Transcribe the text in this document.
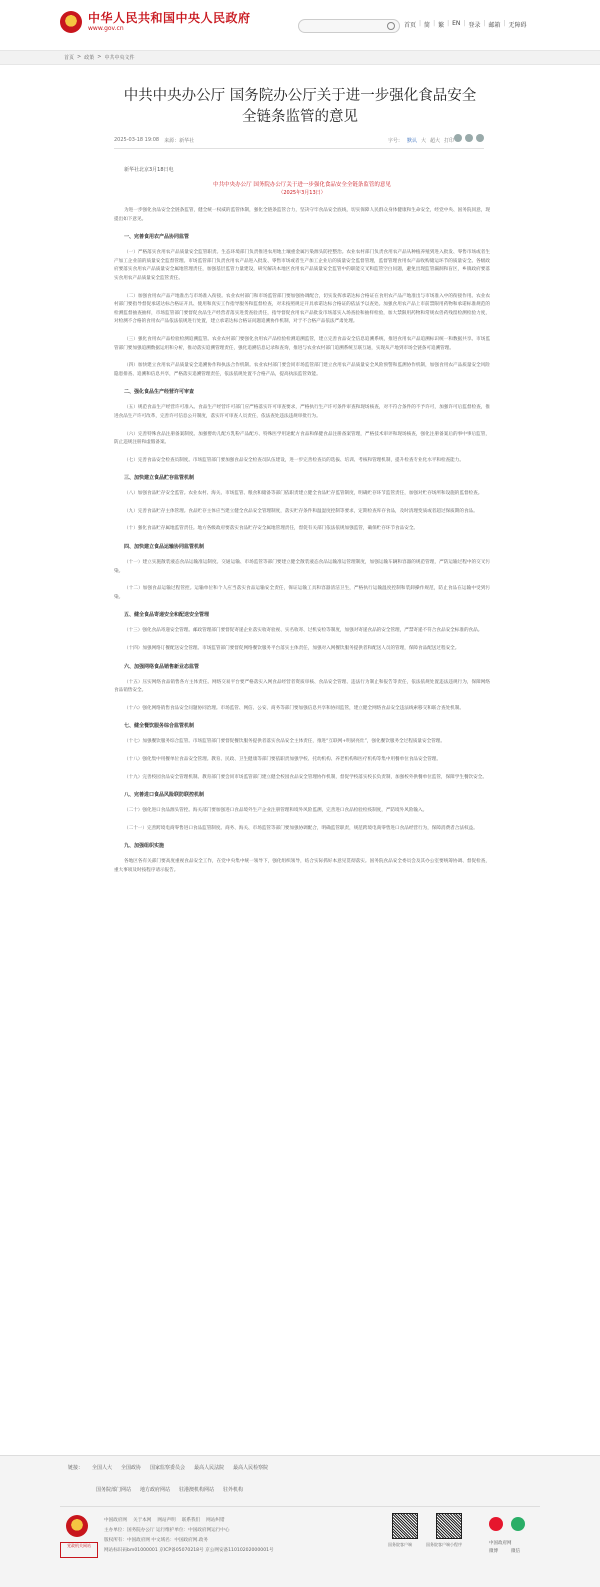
中华人民共和国中央人民政府
www.gov.cn	首页 | 简 | 繁 | EN | 登录 | 邮箱 | 无障碍
首页 > 政策 > 中共中央文件
中共中央办公厅 国务院办公厅关于进一步强化食品安全
全链条监管的意见
2025-03-18 19:08 来源：新华社	字号： 默认 大 超大 打印
新华社北京3月18日电
中共中央办公厅 国务院办公厅关于进一步强化食品安全全链条监管的意见
（2025年3月13日）

为进一步强化食品安全全链条监管，健全统一权威的监管体制，强化全链条监管合力，坚决守牢食品安全底线，切实保障人民群众身体健康和生命安全，经党中央、国务院同意，现提出如下意见。

一、完善食用农产品协同监管

（一）严格落实食用农产品质量安全监管职责。生态环境部门负责推进农用地土壤重金属污染源头防控整治。农业农村部门负责食用农产品从种植养殖到进入批发、零售市场或者生产加工企业前的质量安全监督管理。市场监管部门负责食用农产品进入批发、零售市场或者生产加工企业后的质量安全监督管理，监督管理食用农产品收购储运环节的质量安全。各级政府要落实食用农产品质量安全属地管理责任，加强基层监管力量建设，研究解决本地区食用农产品质量安全监管中的职能交叉和监管空白问题，避免出现监管漏洞和盲区，乡镇政府要落实食用农产品质量安全监管责任。

（二）加强食用农产品产地准出与市场准入衔接。农业农村部门和市场监管部门要加强协调配合，切实发挥承诺达标合格证在食用农产品产地准出与市场准入中的衔接作用。农业农村部门要指导督促承诺达标合格证开具、使用和真实工作指导服务和监督检查，对未按照规定开具承诺达标合格证的依法予以查处。加强食用农产品上市前禁限用药物和承诺标准规范的检测监督抽查抽样，市场监管部门要督促食品生产经营者落实进货查验责任，指导督促食用农产品批发市场落实入场查验和抽样检验，加大禁限用药物和常规农兽药残留检测检验力度，对检测不合格的食用农产品依法依规进行处置，建立承诺达标合格证问题追溯协作机制，对于不合格产品依法严肃处理。

（三）强化食用农产品检验检测追溯监管。农业农村部门要强化食用农产品检验检测追溯监管，建立完善食品安全信息追溯系统，推进食用农产品追溯标识统一和数据共享。市场监管部门要加强追溯数据运用和分析，推动落实追溯管理责任，强化追溯信息记录和查询，推进与农业农村部门追溯系统互联互通，实现从产地到市场全链条可追溯管理。

（四）加快建立食用农产品质量安全追溯协作和执法合作机制。农业农村部门要会同市场监管部门建立食用农产品质量安全风险预警和监测协作机制，加强食用农产品质量安全风险隐患排查、追溯和信息共享，严格落实追溯管理责任，依法依规处置不合格产品，提高执法监管效能。

二、强化食品生产经营许可审查

（五）规范食品生产经营许可准入。食品生产经营许可部门应严格落实许可审查要求，严格执行生产许可条件审查和现场核查，对不符合条件的不予许可，加强许可后监督检查，推进食品生产许可改革，完善许可信息公开制度，落实许可审查人员责任，依法查处违法违规审批行为。

（六）完善特殊食品注册备案制度。加强婴幼儿配方乳粉产品配方、特殊医学用途配方食品和保健食品注册备案管理，严格技术审评和现场核查，强化注册备案后的事中事后监管，防止违规注册和虚假备案。

（七）完善食品安全检查员制度。市场监管部门要加强食品安全检查员队伍建设，进一步完善检查员的选拔、培训、考核和管理机制，提升检查专业化水平和检查能力。

三、加快建立食品贮存监管机制

（八）加强食品贮存安全监管。农业农村、海关、市场监管、粮食和储备等部门依职责建立健全食品贮存监管制度，明确贮存环节监管责任，加强对贮存场所和设施的监督检查。

（九）完善食品贮存主体管理。食品贮存主体应当建立健全食品安全管理制度，落实贮存条件和温湿度控制等要求，定期检查库存食品，及时清理变质或者超过保质期的食品。

（十）强化食品贮存属地监管责任。地方各级政府要落实食品贮存安全属地管理责任，督促有关部门依法依规加强监管，确保贮存环节食品安全。

四、加快建立食品运输协同监管机制

（十一）建立实施散装液态食品运输准运制度。交通运输、市场监管等部门要建立健全散装液态食品运输准运管理制度，加强运输车辆和容器的规范管理，严防运输过程中的交叉污染。

（十二）加强食品运输过程管控。运输单位和个人应当落实食品运输安全责任，保证运输工具和容器清洁卫生，严格执行运输温度控制和装卸操作规范，防止食品在运输中受到污染。

五、健全食品寄递安全和配送安全管理

（十三）强化食品寄递安全管理。邮政管理部门要督促寄递企业落实收寄验视、实名收寄、过机安检等制度，加强对寄递食品的安全管理，严禁寄递不符合食品安全标准的食品。

（十四）加强网络订餐配送安全管理。市场监管部门要督促网络餐饮服务平台落实主体责任，加强对入网餐饮服务提供者和配送人员的管理，保障食品配送过程安全。

六、加强网络食品销售新业态监管

（十五）压实网络食品销售各方主体责任。网络交易平台要严格落实入网食品经营者资质审核、食品安全管理、违法行为制止和报告等责任，依法依规处置违法违规行为，保障网络食品销售安全。

（十六）强化网络销售食品安全问题协同治理。市场监管、网信、公安、商务等部门要加强信息共享和协同监管，建立健全网络食品安全违法线索移交和联合查处机制。

七、健全餐饮服务综合监管机制

（十七）加强餐饮服务综合监管。市场监管部门要督促餐饮服务提供者落实食品安全主体责任，推进“互联网+明厨亮灶”，强化餐饮服务全过程质量安全管理。

（十八）强化集中用餐单位食品安全管理。教育、民政、卫生健康等部门要依职责加强学校、托幼机构、养老机构和医疗机构等集中用餐单位食品安全管理。

（十九）完善校园食品安全管理机制。教育部门要会同市场监管部门建立健全校园食品安全管理协作机制，督促学校落实校长负责制，加强校外供餐单位监管，保障学生餐饮安全。

八、完善进口食品风险联防联控机制

（二十）强化进口食品源头管控。海关部门要加强进口食品境外生产企业注册管理和境外风险监测，完善进口食品检验检疫制度，严防境外风险输入。

（二十一）完善跨境电商零售进口食品监管制度。商务、海关、市场监管等部门要加强协调配合，明确监管职责，规范跨境电商零售进口食品经营行为，保障消费者合法权益。

九、加强组织实施

各地区各有关部门要高度重视食品安全工作，在党中央集中统一领导下，强化组织领导，结合实际抓好本意见贯彻落实。国务院食品安全委员会及其办公室要统筹协调、督促检查，重大事项及时按程序请示报告。

链接： 全国人大 全国政协 国家监察委员会 最高人民法院 最高人民检察院
国务院部门网站 地方政府网站 驻港澳机构网站 驻外机构
党政机关网站
中国政府网 关于本网 网站声明 联系我们 网站纠错
主办单位：国务院办公厅 运行维护单位：中国政府网运行中心
版权所有：中国政府网 中文域名：中国政府网.政务
网站标识码bm01000001 京ICP备05070218号 京公网安备11010202000001号
国务院客户端	国务院客户端小程序	中国政府网
微博	微信
